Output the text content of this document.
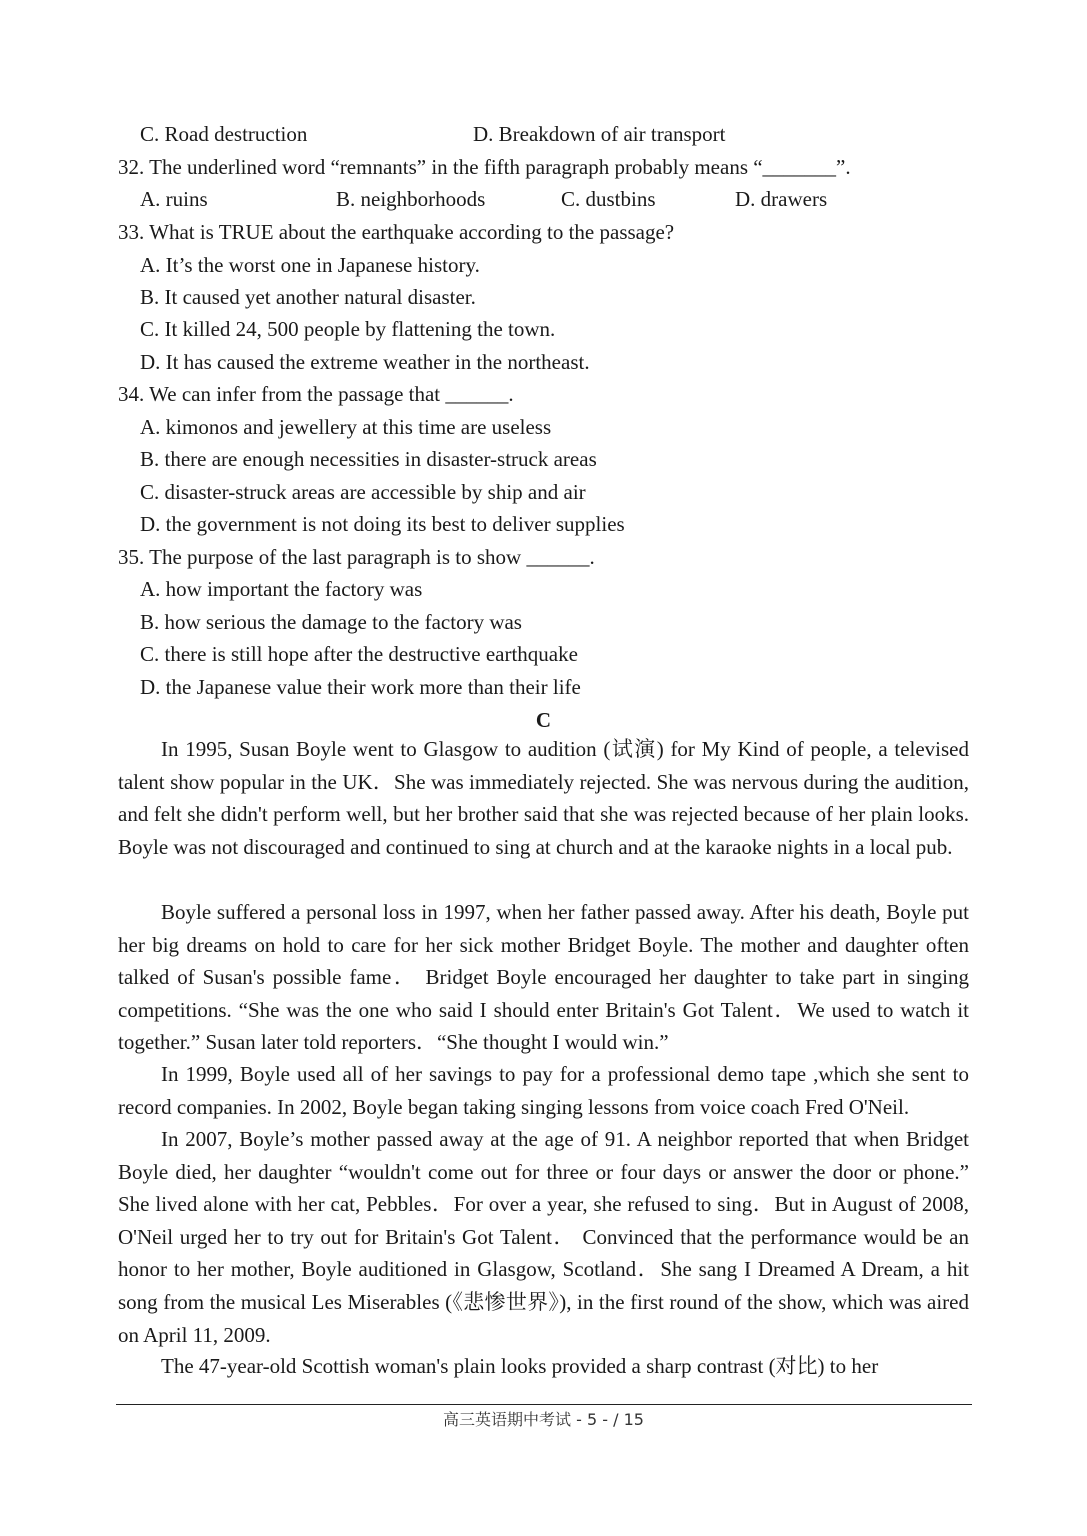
C. Road destruction	D. Breakdown of air transport
32. The underlined word “remnants” in the fifth paragraph probably means “_______”.
A. ruins	B. neighborhoods	C. dustbins	D. drawers
33. What is TRUE about the earthquake according to the passage?
A. It’s the worst one in Japanese history.
B. It caused yet another natural disaster.
C. It killed 24, 500 people by flattening the town.
D. It has caused the extreme weather in the northeast.
34. We can infer from the passage that ______.
A. kimonos and jewellery at this time are useless
B. there are enough necessities in disaster-struck areas
C. disaster-struck areas are accessible by ship and air
D. the government is not doing its best to deliver supplies
35. The purpose of the last paragraph is to show ______.
A. how important the factory was
B. how serious the damage to the factory was
C. there is still hope after the destructive earthquake
D. the Japanese value their work more than their life
C
In 1995, Susan Boyle went to Glasgow to audition (试演) for My Kind of people, a televised talent show popular in the UK．She was immediately rejected. She was nervous during the audition, and felt she didn't perform well, but her brother said that she was rejected because of her plain looks. Boyle was not discouraged and continued to sing at church and at the karaoke nights in a local pub.
Boyle suffered a personal loss in 1997, when her father passed away. After his death, Boyle put her big dreams on hold to care for her sick mother Bridget Boyle. The mother and daughter often talked of Susan's possible fame． Bridget Boyle encouraged her daughter to take part in singing competitions. “She was the one who said I should enter Britain's Got Talent．We used to watch it together.” Susan later told reporters．“She thought I would win.”
In 1999, Boyle used all of her savings to pay for a professional demo tape ,which she sent to record companies. In 2002, Boyle began taking singing lessons from voice coach Fred O'Neil.
In 2007, Boyle’s mother passed away at the age of 91. A neighbor reported that when Bridget Boyle died, her daughter “wouldn't come out for three or four days or answer the door or phone.” She lived alone with her cat, Pebbles．For over a year, she refused to sing．But in August of 2008, O'Neil urged her to try out for Britain's Got Talent． Convinced that the performance would be an honor to her mother, Boyle auditioned in Glasgow, Scotland．She sang I Dreamed A Dream, a hit song from the musical Les Miserables (《悲惨世界》), in the first round of the show, which was aired on April 11, 2009.
The 47-year-old Scottish woman's plain looks provided a sharp contrast (对比) to her
高三英语期中考试 - 5 - / 15
